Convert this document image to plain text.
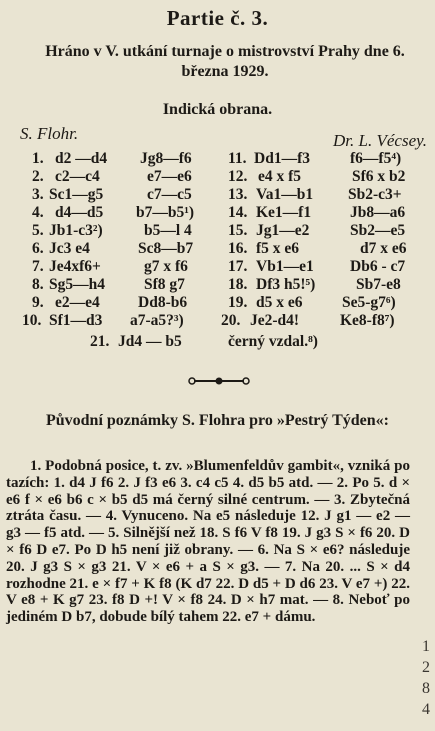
Partie č. 3.
Hráno v V. utkání turnaje o mistrovství Prahy dne 6. března 1929.
Indická obrana.
S. Flohr.	Dr. L. Vécsey.
1. d2 —d4 Jg8—f6
2. c2—c4	e7—e6
3. Sc1—g5	c7—c5
4. d4—d5 b7—b5¹)
5. Jb1-c3²)	b5—l 4
6. Jc3 e4	Sc8—b7
7. Je4xf6+	g7 x f6
8. Sg5—h4	Sf8 g7
9. e2—e4 Dd8-b6
10. Sf1—d3 a7-a5?³)
11. Dd1—f3	f6—f5⁴)
12. e4 x f5	Sf6 x b2
13. Va1—b1 Sb2-c3+
14. Ke1—f1	Jb8—a6
15. Jg1—e2	Sb2—e5
16. f5 x e6	d7 x e6
17. Vb1—e1 Db6 - c7
18. Df3 h5!⁵)	Sb7-e8
19. d5 x e6	Se5-g7⁶)
20. Je2-d4!	Ke8-f8⁷)
21. Jd4 — b5	černý vzdal.⁸)
Původní poznámky S. Flohra pro »Pestrý Týden«:
1. Podobná posice, t. zv. »Blumenfeldův gambit«, vzniká po tazích: 1. d4 J f6 2. J f3 e6 3. c4 c5 4. d5 b5 atd. — 2. Po 5. d × e6 f × e6 b6 c × b5 d5 má černý silné centrum. — 3. Zbytečná ztráta času. — 4. Vynuceno. Na e5 následuje 12. J g1 — e2 — g3 — f5 atd. — 5. Silnější než 18. S f6 V f8 19. J g3 S × f6 20. D × f6 D e7. Po D h5 není již obrany. — 6. Na S × e6? následuje 20. J g3 S × g3 21. V × e6 + a S × g3. — 7. Na 20. ... S × d4 rozhodne 21. e × f7 + K f8 (K d7 22. D d5 + D d6 23. V e7 +) 22. V e8 + K g7 23. f8 D +! V × f8 24. D × h7 mat. — 8. Neboť po jediném D b7, dobude bílý tahem 22. e7 + dámu.
1
2
8
4
